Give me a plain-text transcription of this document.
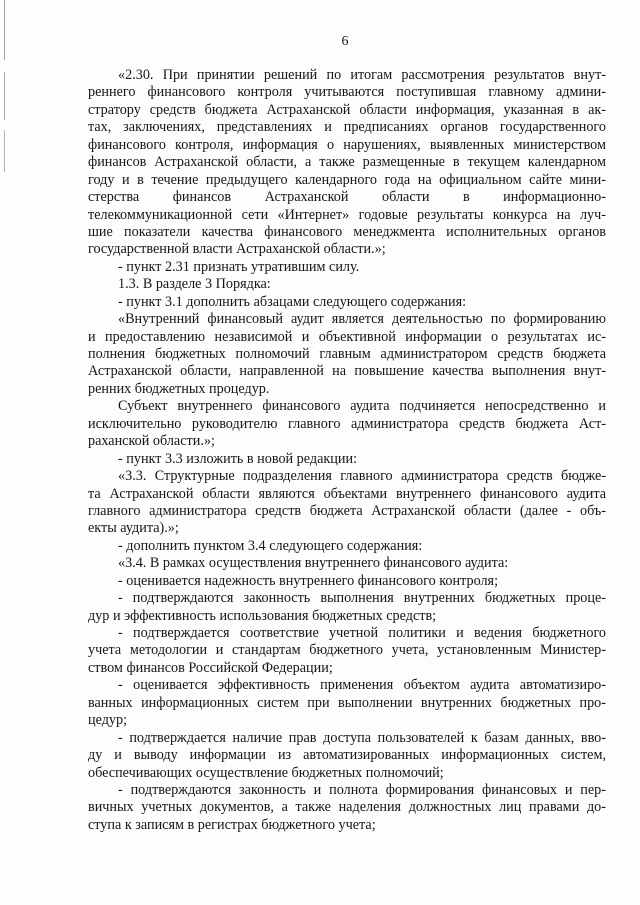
6
«2.30. При принятии решений по итогам рассмотрения результатов внут-
реннего финансового контроля учитываются поступившая главному админи-
стратору средств бюджета Астраханской области информация, указанная в ак-
тах, заключениях, представлениях и предписаниях органов государственного
финансового контроля, информация о нарушениях, выявленных министерством
финансов Астраханской области, а также размещенные в текущем календарном
году и в течение предыдущего календарного года на официальном сайте мини-
стерства финансов Астраханской области в информационно-
телекоммуникационной сети «Интернет» годовые результаты конкурса на луч-
шие показатели качества финансового менеджмента исполнительных органов
государственной власти Астраханской области.»;
- пункт 2.31 признать утратившим силу.
1.3. В разделе 3 Порядка:
- пункт 3.1 дополнить абзацами следующего содержания:
«Внутренний финансовый аудит является деятельностью по формированию
и предоставлению независимой и объективной информации о результатах ис-
полнения бюджетных полномочий главным администратором средств бюджета
Астраханской области, направленной на повышение качества выполнения внут-
ренних бюджетных процедур.
Субъект внутреннего финансового аудита подчиняется непосредственно и
исключительно руководителю главного администратора средств бюджета Аст-
раханской области.»;
- пункт 3.3 изложить в новой редакции:
«3.3. Структурные подразделения главного администратора средств бюдже-
та Астраханской области являются объектами внутреннего финансового аудита
главного администратора средств бюджета Астраханской области (далее - объ-
екты аудита).»;
- дополнить пунктом 3.4 следующего содержания:
«3.4. В рамках осуществления внутреннего финансового аудита:
- оценивается надежность внутреннего финансового контроля;
- подтверждаются законность выполнения внутренних бюджетных проце-
дур и эффективность использования бюджетных средств;
- подтверждается соответствие учетной политики и ведения бюджетного
учета методологии и стандартам бюджетного учета, установленным Министер-
ством финансов Российской Федерации;
- оценивается эффективность применения объектом аудита автоматизиро-
ванных информационных систем при выполнении внутренних бюджетных про-
цедур;
- подтверждается наличие прав доступа пользователей к базам данных, вво-
ду и выводу информации из автоматизированных информационных систем,
обеспечивающих осуществление бюджетных полномочий;
- подтверждаются законность и полнота формирования финансовых и пер-
вичных учетных документов, а также наделения должностных лиц правами до-
ступа к записям в регистрах бюджетного учета;
